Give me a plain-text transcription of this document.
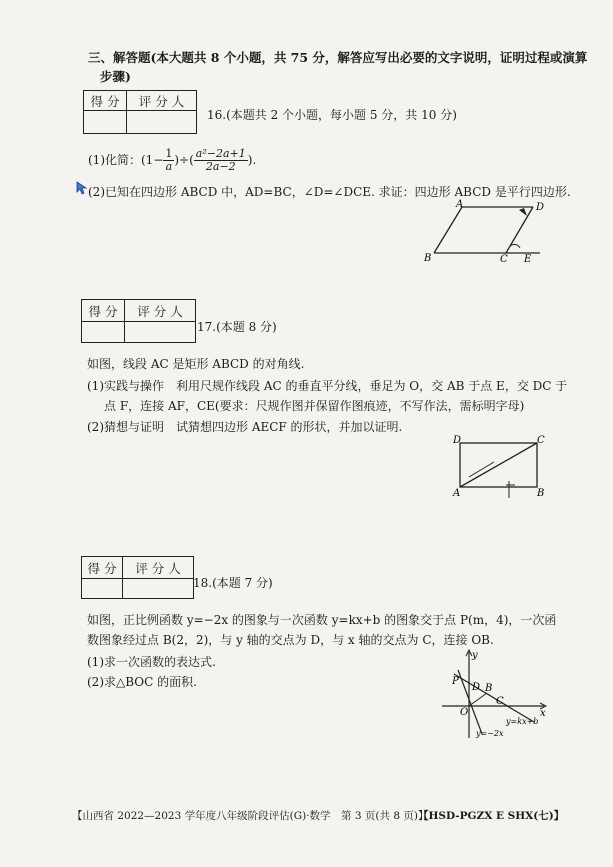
三、解答题(本大题共 8 个小题，共 75 分，解答应写出必要的文字说明，证明过程或演算
步骤)
得 分	评 分 人

16.(本题共 2 个小题，每小题 5 分，共 10 分)
(1)化简：($1- \frac{1}{a}$ )÷( $\frac{\text{a²−2a+1}}{2a-2}$ ).
(2)已知在四边形 ABCD 中，AD=BC，∠D=∠DCE. 求证：四边形 ABCD 是平行四边形.
A	D
B	C E
得 分	评 分 人

17.(本题 8 分)
如图，线段 AC 是矩形 ABCD 的对角线.
(1)实践与操作　利用尺规作线段 AC 的垂直平分线，垂足为 O，交 AB 于点 E，交 DC 于
点 F，连接 AF，CE(要求：尺规作图并保留作图痕迹，不写作法，需标明字母)
(2)猜想与证明　试猜想四边形 AECF 的形状，并加以证明.
D	C
A	B
得 分	评 分 人

18.(本题 7 分)
如图，正比例函数 y=−2x 的图象与一次函数 y=kx+b 的图象交于点 P(m，4)，一次函
数图象经过点 B(2，2)，与 y 轴的交点为 D，与 x 轴的交点为 C，连接 OB.
(1)求一次函数的表达式.
(2)求△BOC 的面积.
y
x
P
D B
C
O
y=−2x
y=kx+b
【山西省 2022—2023 学年度八年级阶段评估(G)·数学　第 3 页(共 8 页)】
【HSD-PGZX E SHX(七)】
